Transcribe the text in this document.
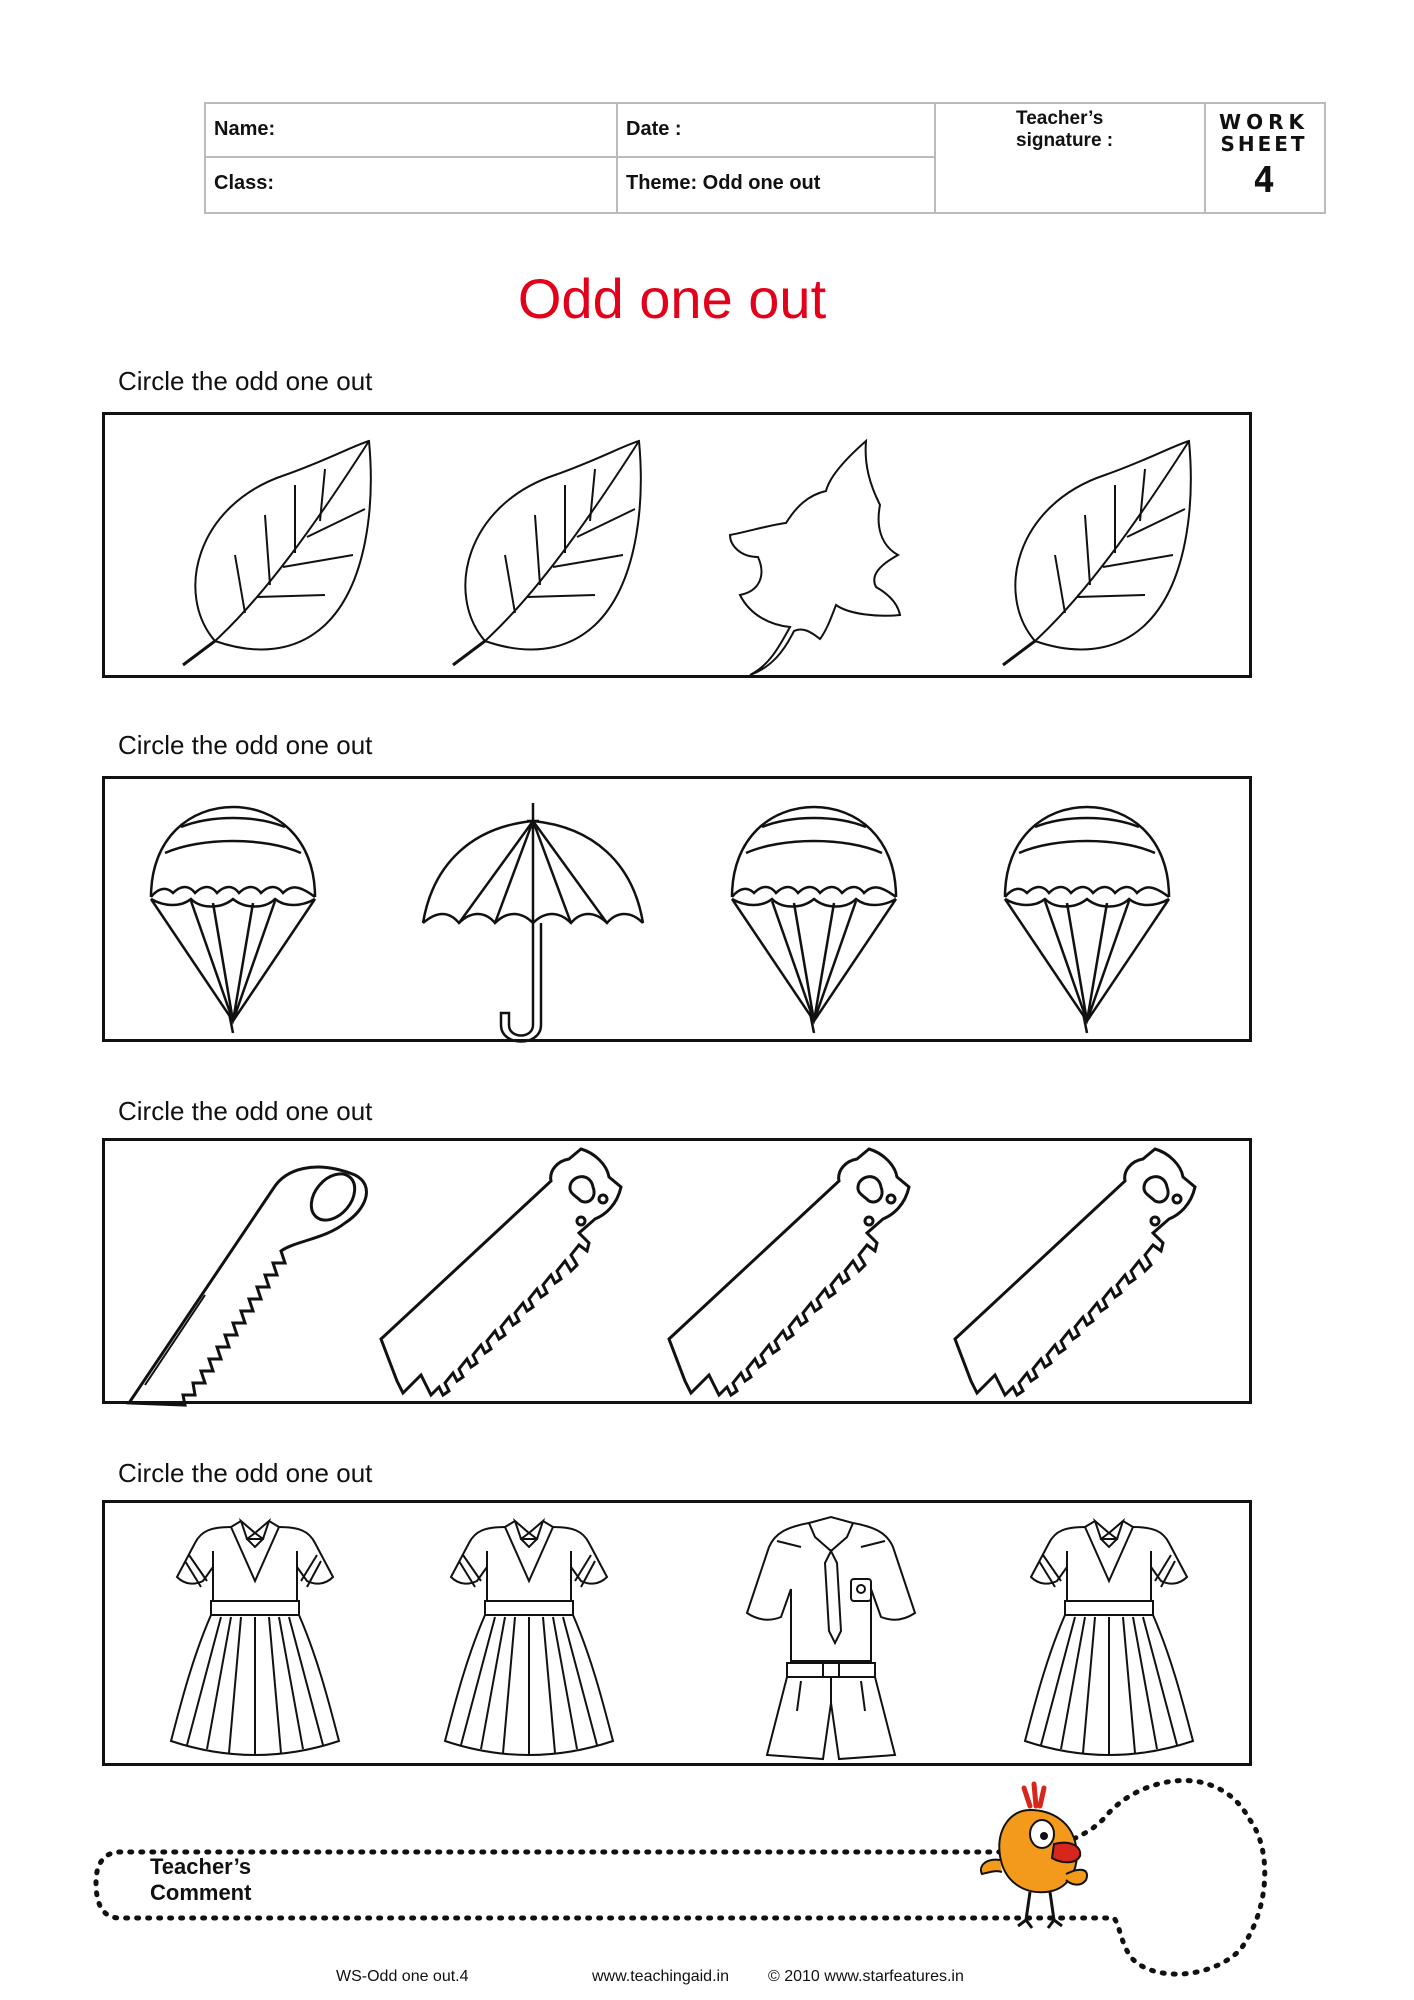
Name:	Date :
Class:	Theme: Odd one out
Teacher’s
signature :
WORK
SHEET
4
Odd one out
Circle the odd one out
Circle the odd one out
Circle the odd one out
Circle the odd one out
Teacher’s
Comment
WS-Odd one out.4	www.teachingaid.in © 2010 www.starfeatures.in
